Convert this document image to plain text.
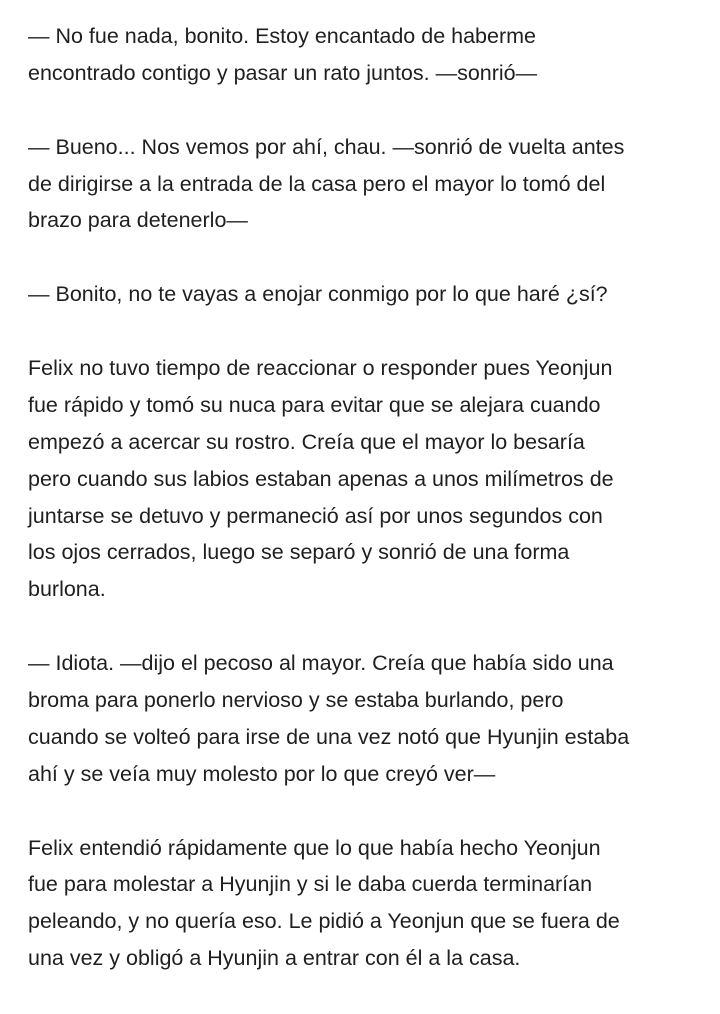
— No fue nada, bonito. Estoy encantado de haberme
encontrado contigo y pasar un rato juntos. —sonrió—

— Bueno... Nos vemos por ahí, chau. —sonrió de vuelta antes
de dirigirse a la entrada de la casa pero el mayor lo tomó del
brazo para detenerlo—

— Bonito, no te vayas a enojar conmigo por lo que haré ¿sí?

Felix no tuvo tiempo de reaccionar o responder pues Yeonjun
fue rápido y tomó su nuca para evitar que se alejara cuando
empezó a acercar su rostro. Creía que el mayor lo besaría
pero cuando sus labios estaban apenas a unos milímetros de
juntarse se detuvo y permaneció así por unos segundos con
los ojos cerrados, luego se separó y sonrió de una forma
burlona.

— Idiota. —dijo el pecoso al mayor. Creía que había sido una
broma para ponerlo nervioso y se estaba burlando, pero
cuando se volteó para irse de una vez notó que Hyunjin estaba
ahí y se veía muy molesto por lo que creyó ver—

Felix entendió rápidamente que lo que había hecho Yeonjun
fue para molestar a Hyunjin y si le daba cuerda terminarían
peleando, y no quería eso. Le pidió a Yeonjun que se fuera de
una vez y obligó a Hyunjin a entrar con él a la casa.
